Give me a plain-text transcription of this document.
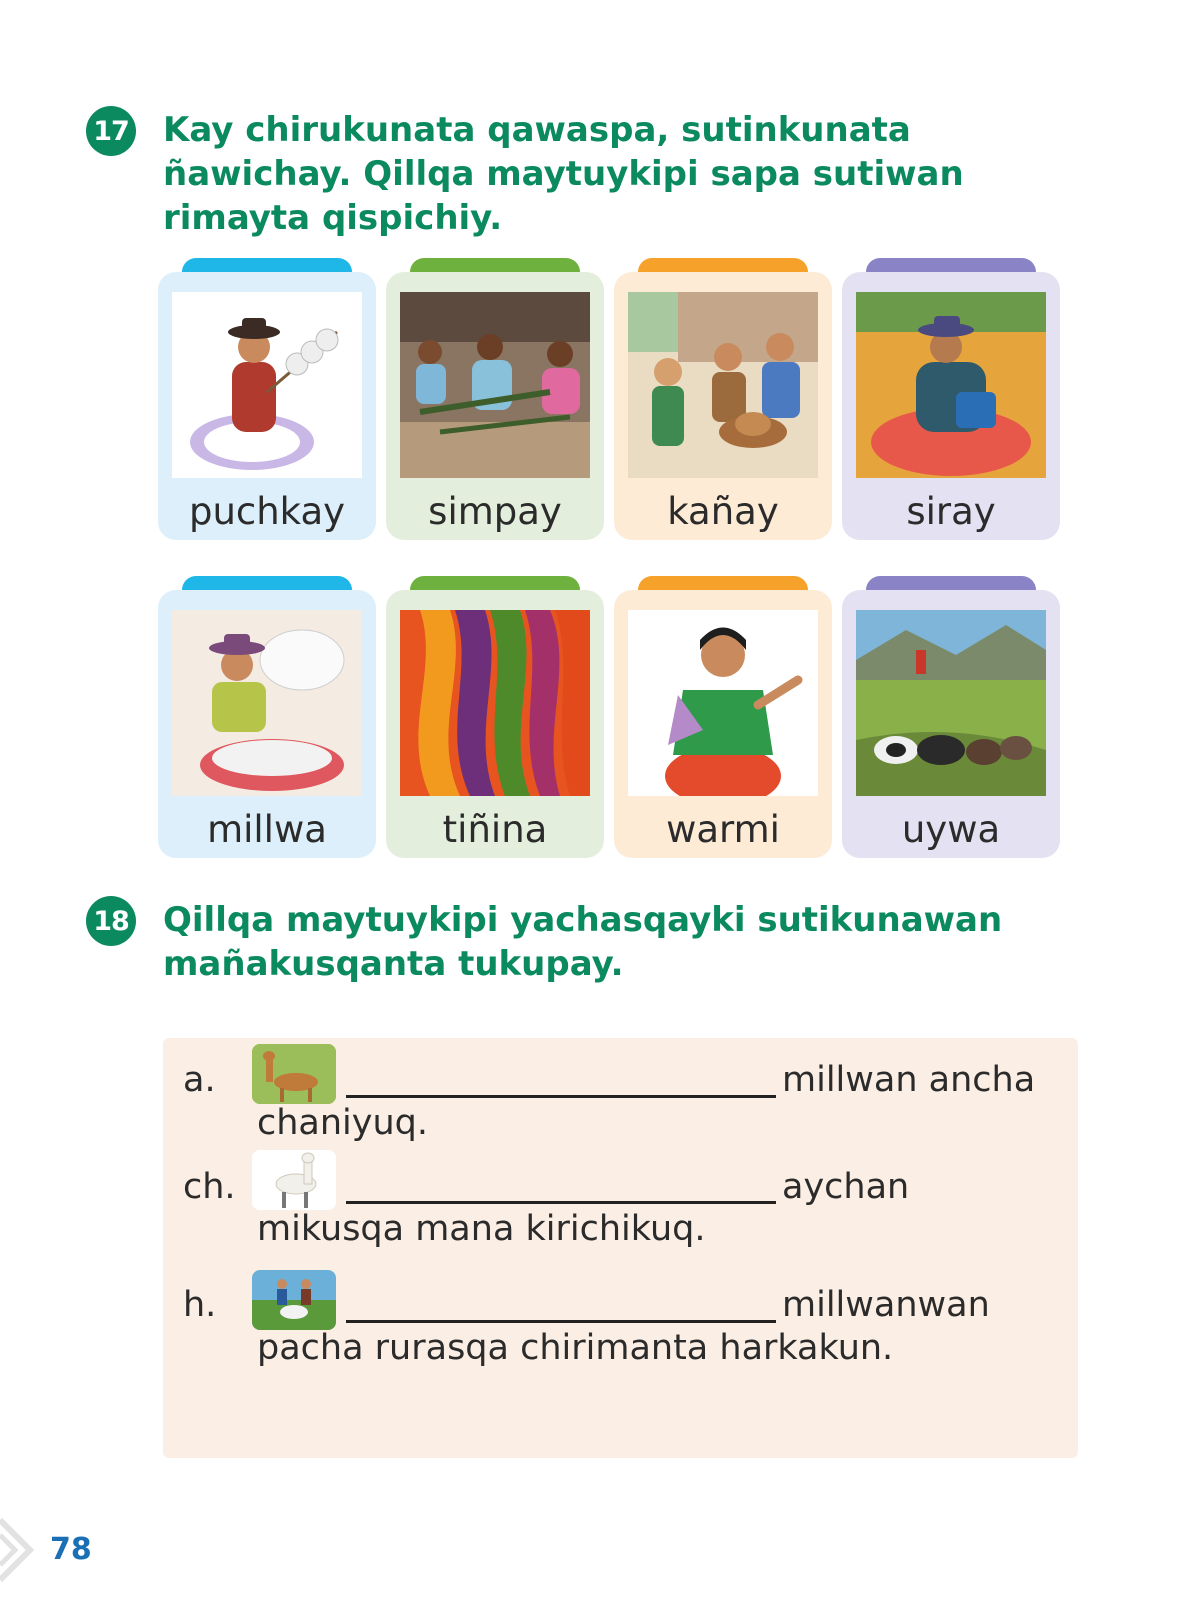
17 Kay chirukunata qawaspa, sutinkunata ñawichay. Qillqa maytuykipi sapa sutiwan rimayta qispichiy.

puchkay	simpay	kañay	siray
millwa	tiñina	warmi	uywa
18 Qillqa maytuykipi yachasqayki sutikunawan mañakusqanta tukupay.

a.	millwan ancha
chaniyuq.
ch.	aychan
mikusqa mana kirichikuq.
h.	millwanwan
pacha rurasqa chirimanta harkakun.
78
